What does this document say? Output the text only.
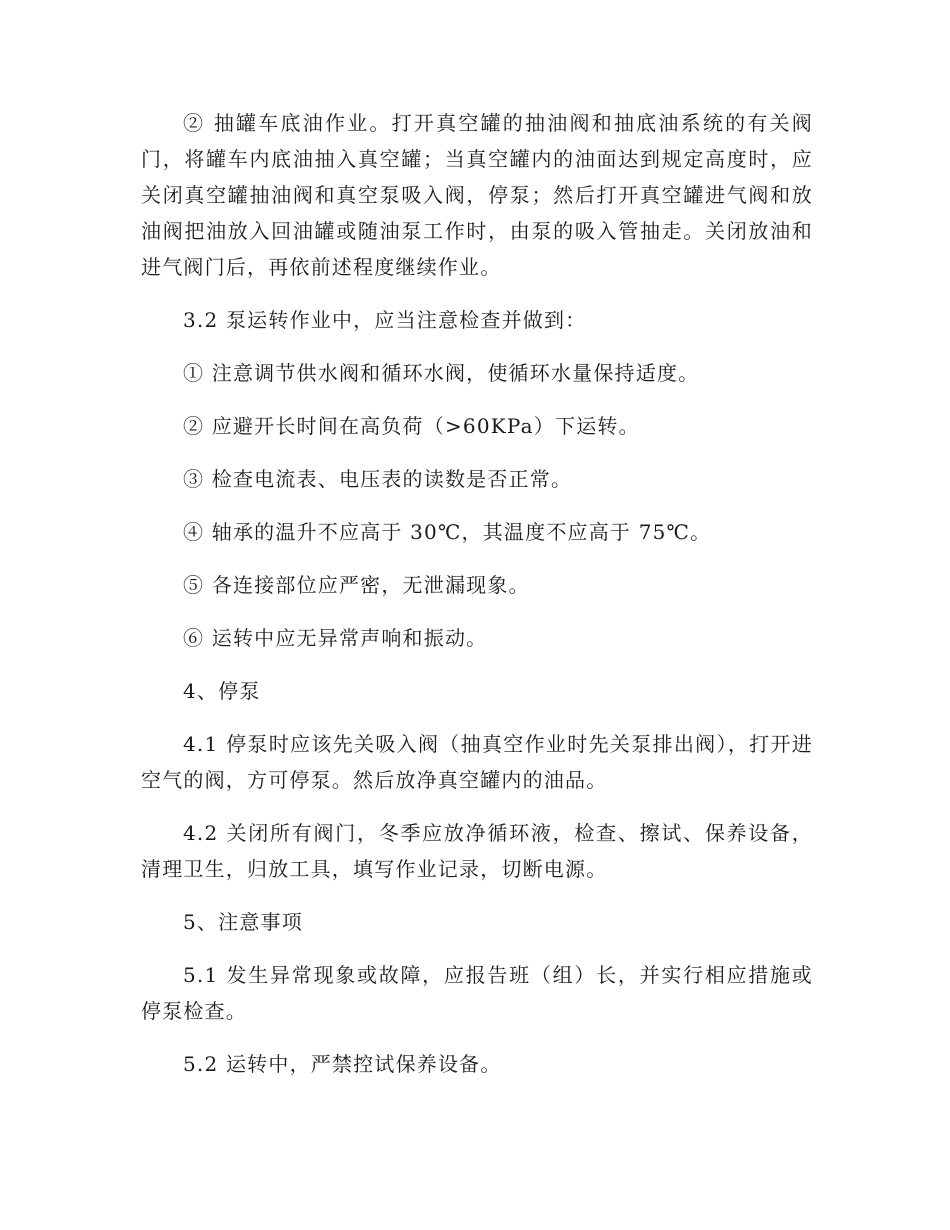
② 抽罐车底油作业。打开真空罐的抽油阀和抽底油系统的有关阀门，将罐车内底油抽入真空罐；当真空罐内的油面达到规定高度时，应关闭真空罐抽油阀和真空泵吸入阀，停泵；然后打开真空罐进气阀和放油阀把油放入回油罐或随油泵工作时，由泵的吸入管抽走。关闭放油和进气阀门后，再依前述程度继续作业。

3.2 泵运转作业中，应当注意检查并做到：

① 注意调节供水阀和循环水阀，使循环水量保持适度。

② 应避开长时间在高负荷（>60KPa）下运转。

③ 检查电流表、电压表的读数是否正常。

④ 轴承的温升不应高于 30℃，其温度不应高于 75℃。

⑤ 各连接部位应严密，无泄漏现象。

⑥ 运转中应无异常声响和振动。

4、停泵

4.1 停泵时应该先关吸入阀（抽真空作业时先关泵排出阀），打开进空气的阀，方可停泵。然后放净真空罐内的油品。

4.2 关闭所有阀门，冬季应放净循环液，检查、擦试、保养设备，清理卫生，归放工具，填写作业记录，切断电源。

5、注意事项

5.1 发生异常现象或故障，应报告班（组）长，并实行相应措施或停泵检查。

5.2 运转中，严禁控试保养设备。
